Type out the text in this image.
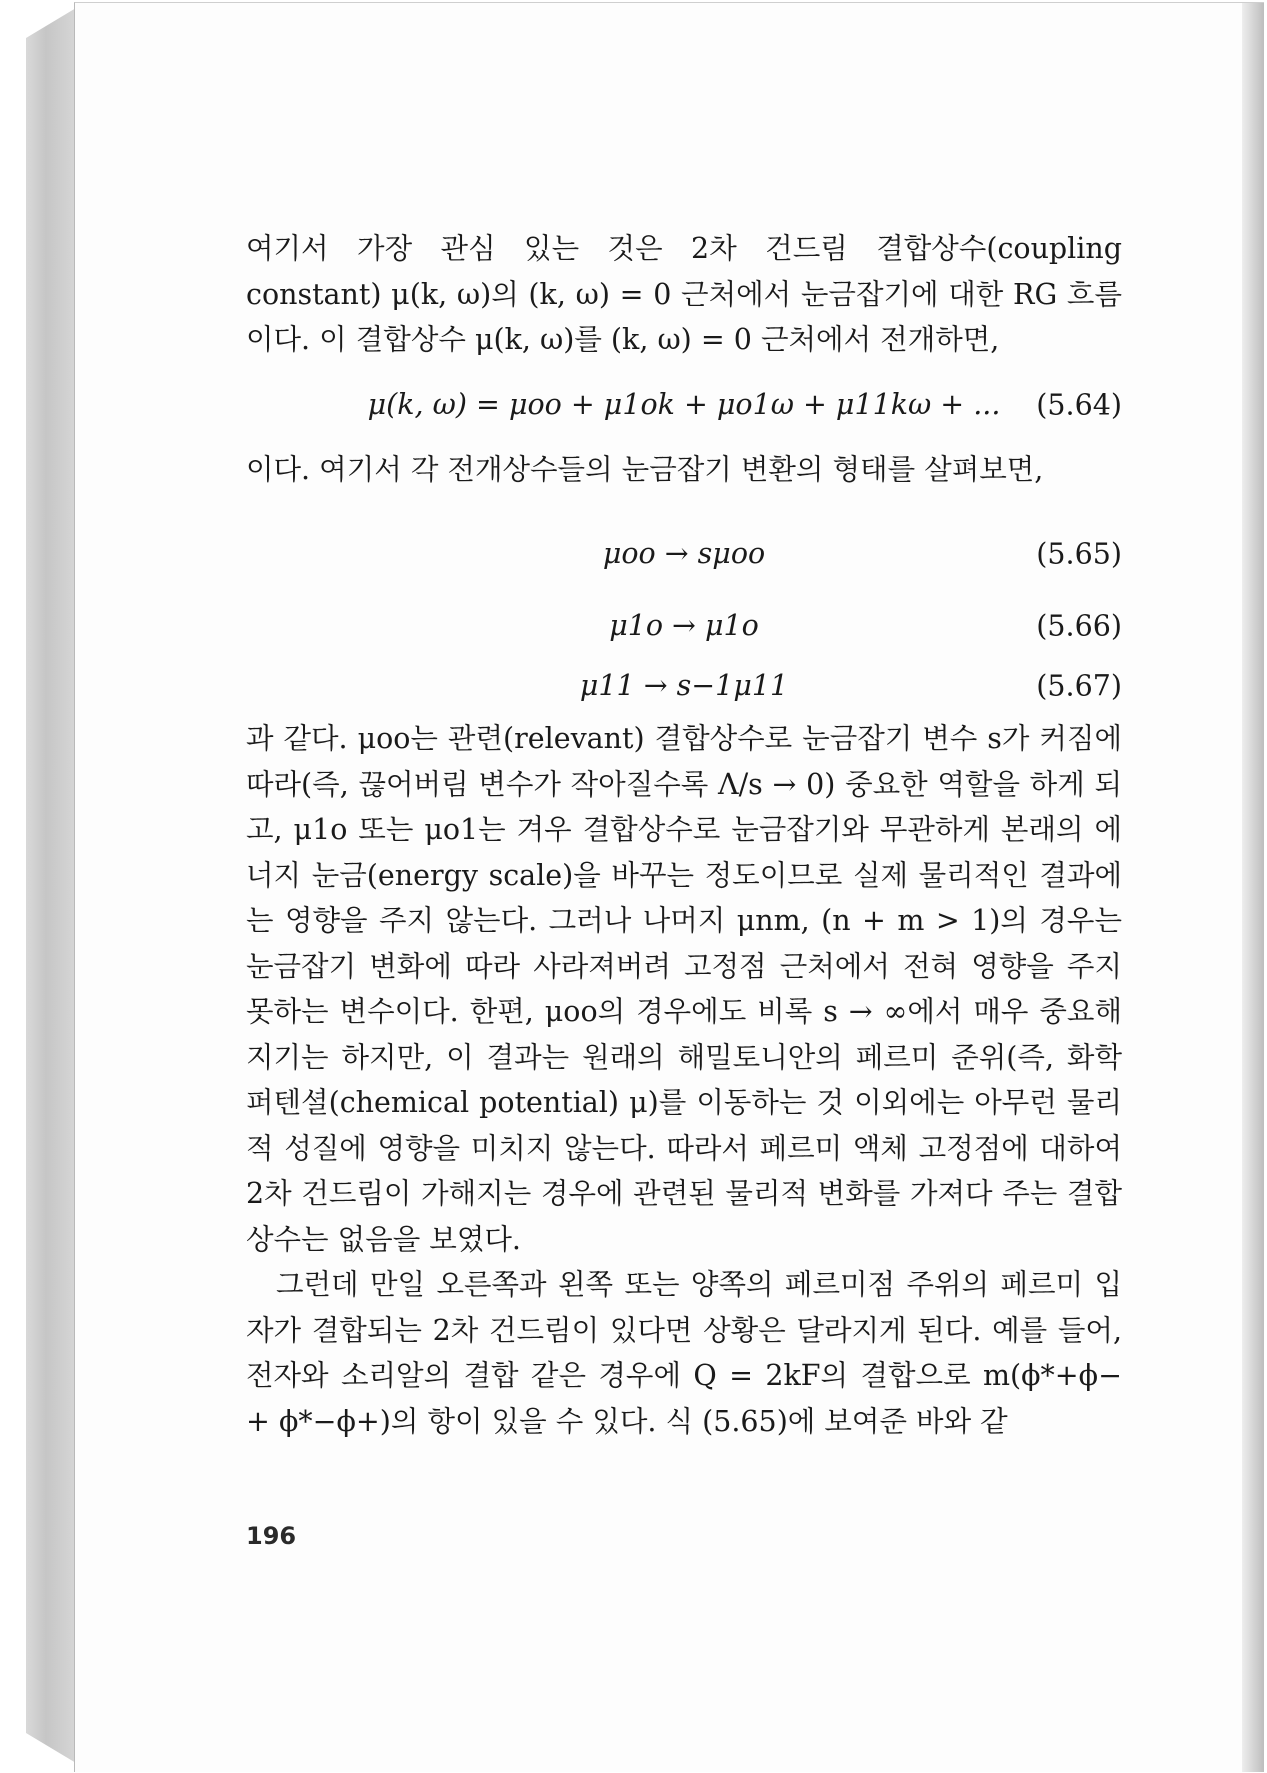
여기서 가장 관심 있는 것은 2차 건드림 결합상수(coupling constant) μ(k, ω)의 (k, ω) = 0 근처에서 눈금잡기에 대한 RG 흐름이다. 이 결합상수 μ(k, ω)를 (k, ω) = 0 근처에서 전개하면,

μ(k, ω) = μoo + μ1ok + μo1ω + μ11kω + ... (5.64)

이다. 여기서 각 전개상수들의 눈금잡기 변환의 형태를 살펴보면,

μoo → sμoo	(5.65)
μ1o → μ1o	(5.66)
μ11 → s−1μ11	(5.67)

과 같다. μoo는 관련(relevant) 결합상수로 눈금잡기 변수 s가 커짐에 따라(즉, 끊어버림 변수가 작아질수록 Λ/s → 0) 중요한 역할을 하게 되고, μ1o 또는 μo1는 겨우 결합상수로 눈금잡기와 무관하게 본래의 에너지 눈금(energy scale)을 바꾸는 정도이므로 실제 물리적인 결과에는 영향을 주지 않는다. 그러나 나머지 μnm, (n + m > 1)의 경우는 눈금잡기 변화에 따라 사라져버려 고정점 근처에서 전혀 영향을 주지 못하는 변수이다. 한편, μoo의 경우에도 비록 s → ∞에서 매우 중요해지기는 하지만, 이 결과는 원래의 해밀토니안의 페르미 준위(즉, 화학 퍼텐셜(chemical potential) μ)를 이동하는 것 이외에는 아무런 물리적 성질에 영향을 미치지 않는다. 따라서 페르미 액체 고정점에 대하여 2차 건드림이 가해지는 경우에 관련된 물리적 변화를 가져다 주는 결합상수는 없음을 보였다.

그런데 만일 오른쪽과 왼쪽 또는 양쪽의 페르미점 주위의 페르미 입자가 결합되는 2차 건드림이 있다면 상황은 달라지게 된다. 예를 들어, 전자와 소리알의 결합 같은 경우에 Q = 2kF의 결합으로 m(ϕ*+ϕ− + ϕ*−ϕ+)의 항이 있을 수 있다. 식 (5.65)에 보여준 바와 같

196
